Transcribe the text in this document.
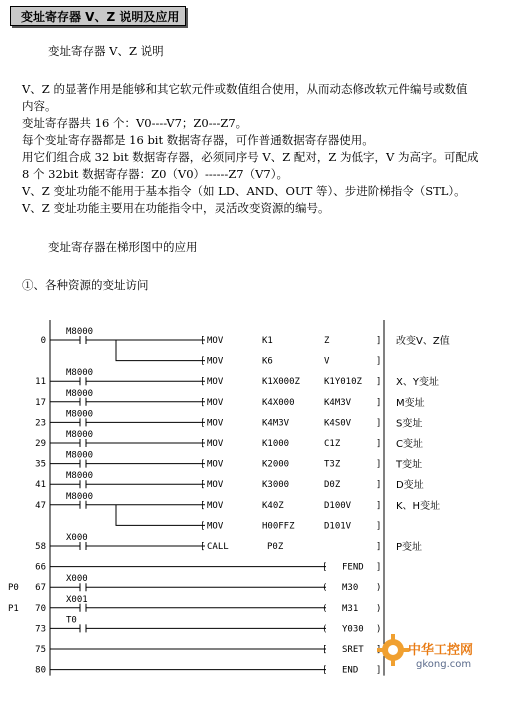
变址寄存器 V、Z 说明及应用
变址寄存器 V、Z 说明
V、Z 的显著作用是能够和其它软元件或数值组合使用，从而动态修改软元件编号或数值
内容。
变址寄存器共 16 个：V0----V7；Z0---Z7。
每个变址寄存器都是 16 bit 数据寄存器，可作普通数据寄存器使用。
用它们组合成 32 bit 数据寄存器，必须同序号 V、Z 配对，Z 为低字，V 为高字。可配成
8 个 32bit 数据寄存器：Z0（V0）------Z7（V7）。
V、Z 变址功能不能用于基本指令（如 LD、AND、OUT 等）、步进阶梯指令（STL）。
V、Z 变址功能主要用在功能指令中，灵活改变资源的编号。
变址寄存器在梯形图中的应用
①、各种资源的变址访问
0
M8000
[ MOV	K1	Z	] 改变V、Z值
[ MOV	K6	V	]
11
M8000
[ MOV	K1X000Z	K1Y010Z ] X、Y变址
17
M8000
[ MOV	K4X000	K4M3V	] M变址
23
M8000
[ MOV	K4M3V	K4S0V	] S变址
29
M8000
[ MOV	K1000	C1Z	] C变址
35
M8000
[ MOV	K2000	T3Z	] T变址
41
M8000
[ MOV	K3000	D0Z	] D变址
47
M8000
[ MOV	K40Z	D100V	] K、H变址
[ MOV	H00FFZ	D101V	]
58
X000
[ CALL	P0Z	] P变址
66	[ FEND ]
67
P0
X000
( M30 )
70
P1
X001
( M31 )
73
T0
( Y030 )
75	[ SRET
80	[ END ]
中华工控网
gkong.com
